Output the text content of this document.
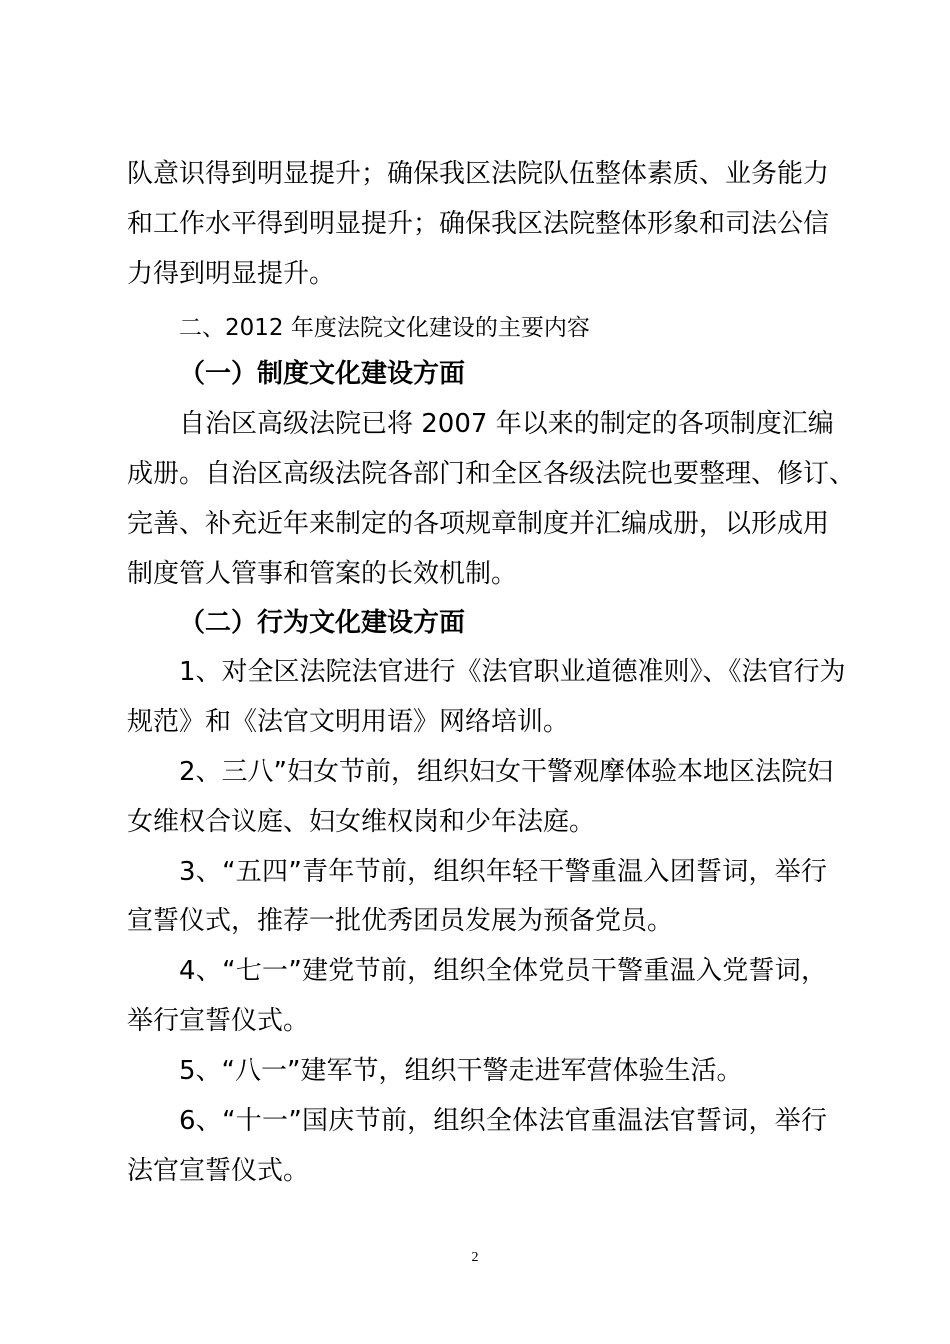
队意识得到明显提升；确保我区法院队伍整体素质、业务能力
和工作水平得到明显提升；确保我区法院整体形象和司法公信
力得到明显提升。
二、2012 年度法院文化建设的主要内容
（一）制度文化建设方面
自治区高级法院已将 2007 年以来的制定的各项制度汇编
成册。自治区高级法院各部门和全区各级法院也要整理、修订、
完善、补充近年来制定的各项规章制度并汇编成册，以形成用
制度管人管事和管案的长效机制。
（二）行为文化建设方面
1、对全区法院法官进行《法官职业道德准则》、《法官行为
规范》和《法官文明用语》网络培训。
2、三八”妇女节前，组织妇女干警观摩体验本地区法院妇
女维权合议庭、妇女维权岗和少年法庭。
3、“五四”青年节前，组织年轻干警重温入团誓词，举行
宣誓仪式，推荐一批优秀团员发展为预备党员。
4、“七一”建党节前，组织全体党员干警重温入党誓词，
举行宣誓仪式。
5、“八一”建军节，组织干警走进军营体验生活。
6、“十一”国庆节前，组织全体法官重温法官誓词，举行
法官宣誓仪式。
2
